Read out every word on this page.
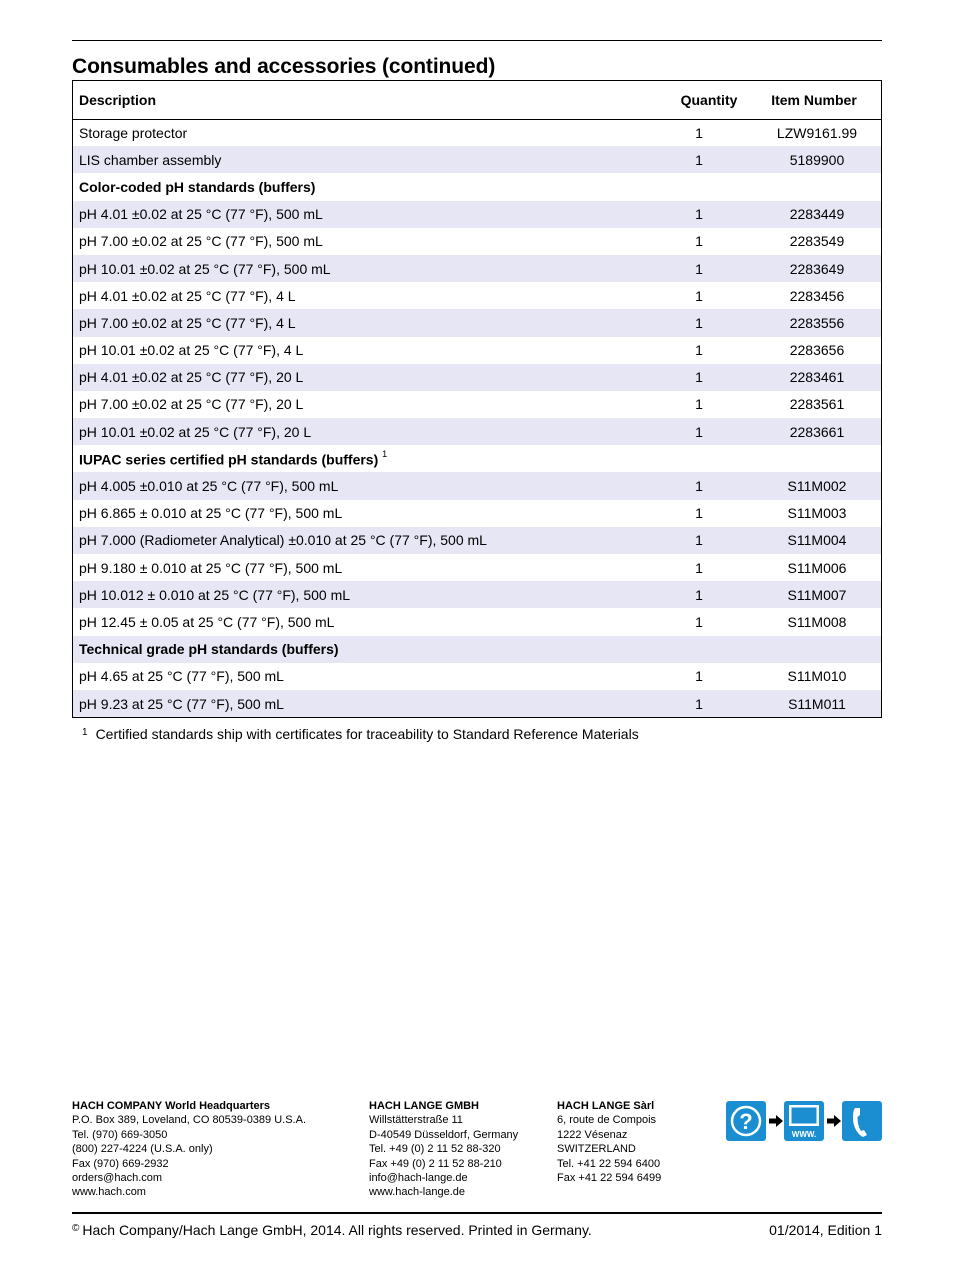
Consumables and accessories (continued)
Description	Quantity	Item Number
Storage protector	1	LZW9161.99
LIS chamber assembly	1	5189900
Color-coded pH standards (buffers)		
pH 4.01 ±0.02 at 25 °C (77 °F), 500 mL	1	2283449
pH 7.00 ±0.02 at 25 °C (77 °F), 500 mL	1	2283549
pH 10.01 ±0.02 at 25 °C (77 °F), 500 mL	1	2283649
pH 4.01 ±0.02 at 25 °C (77 °F), 4 L	1	2283456
pH 7.00 ±0.02 at 25 °C (77 °F), 4 L	1	2283556
pH 10.01 ±0.02 at 25 °C (77 °F), 4 L	1	2283656
pH 4.01 ±0.02 at 25 °C (77 °F), 20 L	1	2283461
pH 7.00 ±0.02 at 25 °C (77 °F), 20 L	1	2283561
pH 10.01 ±0.02 at 25 °C (77 °F), 20 L	1	2283661
IUPAC series certified pH standards (buffers) $^1$		
pH 4.005 ±0.010 at 25 °C (77 °F), 500 mL	1	S11M002
pH 6.865 ± 0.010 at 25 °C (77 °F), 500 mL	1	S11M003
pH 7.000 (Radiometer Analytical) ±0.010 at 25 °C (77 °F), 500 mL	1	S11M004
pH 9.180 ± 0.010 at 25 °C (77 °F), 500 mL	1	S11M006
pH 10.012 ± 0.010 at 25 °C (77 °F), 500 mL	1	S11M007
pH 12.45 ± 0.05 at 25 °C (77 °F), 500 mL	1	S11M008
Technical grade pH standards (buffers)		
pH 4.65 at 25 °C (77 °F), 500 mL	1	S11M010
pH 9.23 at 25 °C (77 °F), 500 mL	1	S11M011
$^1$ Certified standards ship with certificates for traceability to Standard Reference Materials
HACH COMPANY World Headquarters
P.O. Box 389, Loveland, CO 80539-0389 U.S.A.
Tel. (970) 669-3050
(800) 227-4224 (U.S.A. only)
Fax (970) 669-2932
orders@hach.com
www.hach.com
HACH LANGE GMBH
Willstätterstraße 11
D-40549 Düsseldorf, Germany
Tel. +49 (0) 2 11 52 88-320
Fax +49 (0) 2 11 52 88-210
info@hach-lange.de
www.hach-lange.de
HACH LANGE Sàrl
6, route de Compois
1222 Vésenaz
SWITZERLAND
Tel. +41 22 594 6400
Fax +41 22 594 6499
?
WWW.
© Hach Company/Hach Lange GmbH, 2014. All rights reserved. Printed in Germany.	01/2014, Edition 1
